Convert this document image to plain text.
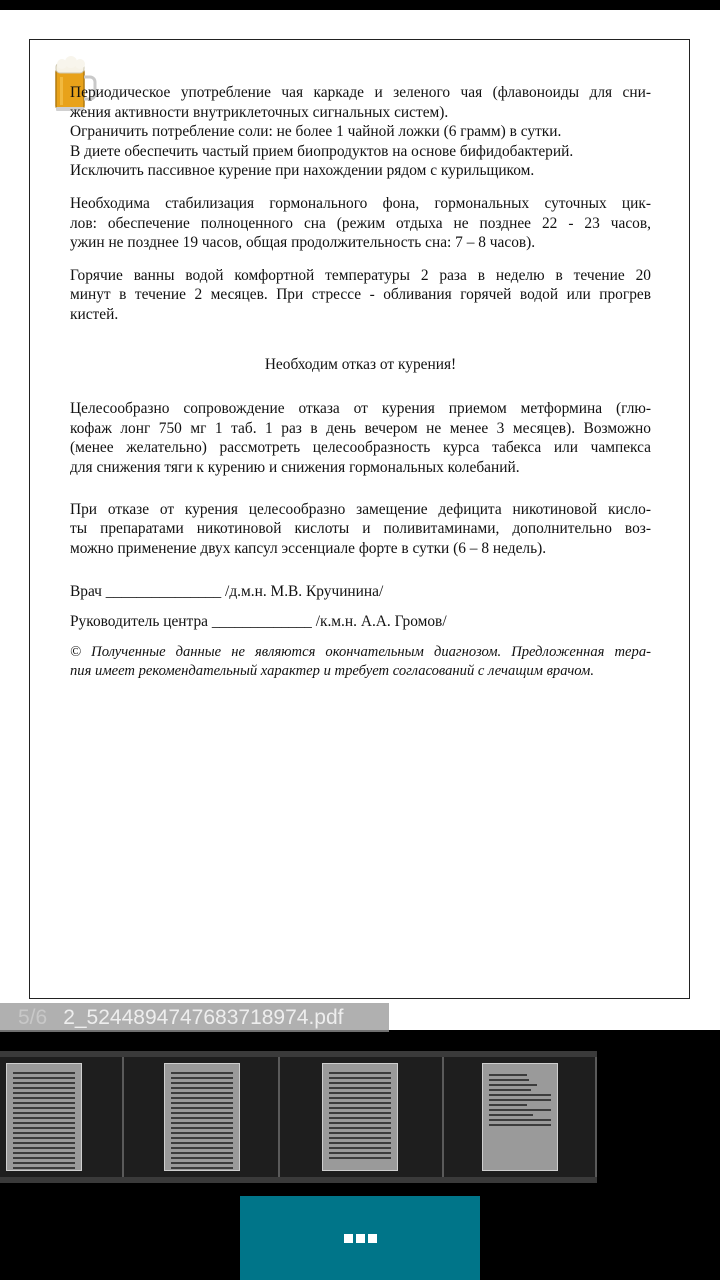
Периодическое употребление чая каркаде и зеленого чая (флавоноиды для сни-
жения активности внутриклеточных сигнальных систем).
Ограничить потребление соли: не более 1 чайной ложки (6 грамм) в сутки.
В диете обеспечить частый прием биопродуктов на основе бифидобактерий.
Исключить пассивное курение при нахождении рядом с курильщиком.

Необходима стабилизация гормонального фона, гормональных суточных цик-
лов: обеспечение полноценного сна (режим отдыха не позднее 22 - 23 часов,
ужин не позднее 19 часов, общая продолжительность сна: 7 – 8 часов).

Горячие ванны водой комфортной температуры 2 раза в неделю в течение 20
минут в течение 2 месяцев. При стрессе - обливания горячей водой или прогрев
кистей.

Необходим отказ от курения!

Целесообразно сопровождение отказа от курения приемом метформина (глю-
кофаж лонг 750 мг 1 таб. 1 раз в день вечером не менее 3 месяцев). Возможно
(менее желательно) рассмотреть целесообразность курса табекса или чампекса
для снижения тяги к курению и снижения гормональных колебаний.

При отказе от курения целесообразно замещение дефицита никотиновой кисло-
ты препаратами никотиновой кислоты и поливитаминами, дополнительно воз-
можно применение двух капсул эссенциале форте в сутки (6 – 8 недель).

Врач _______________ /д.м.н. М.В. Кручинина/

Руководитель центра _____________ /к.м.н. А.А. Громов/

© Полученные данные не являются окончательным диагнозом. Предложенная тера-
пия имеет рекомендательный характер и требует согласований с лечащим врачом.

5/6 2_5244894747683718974.pdf
